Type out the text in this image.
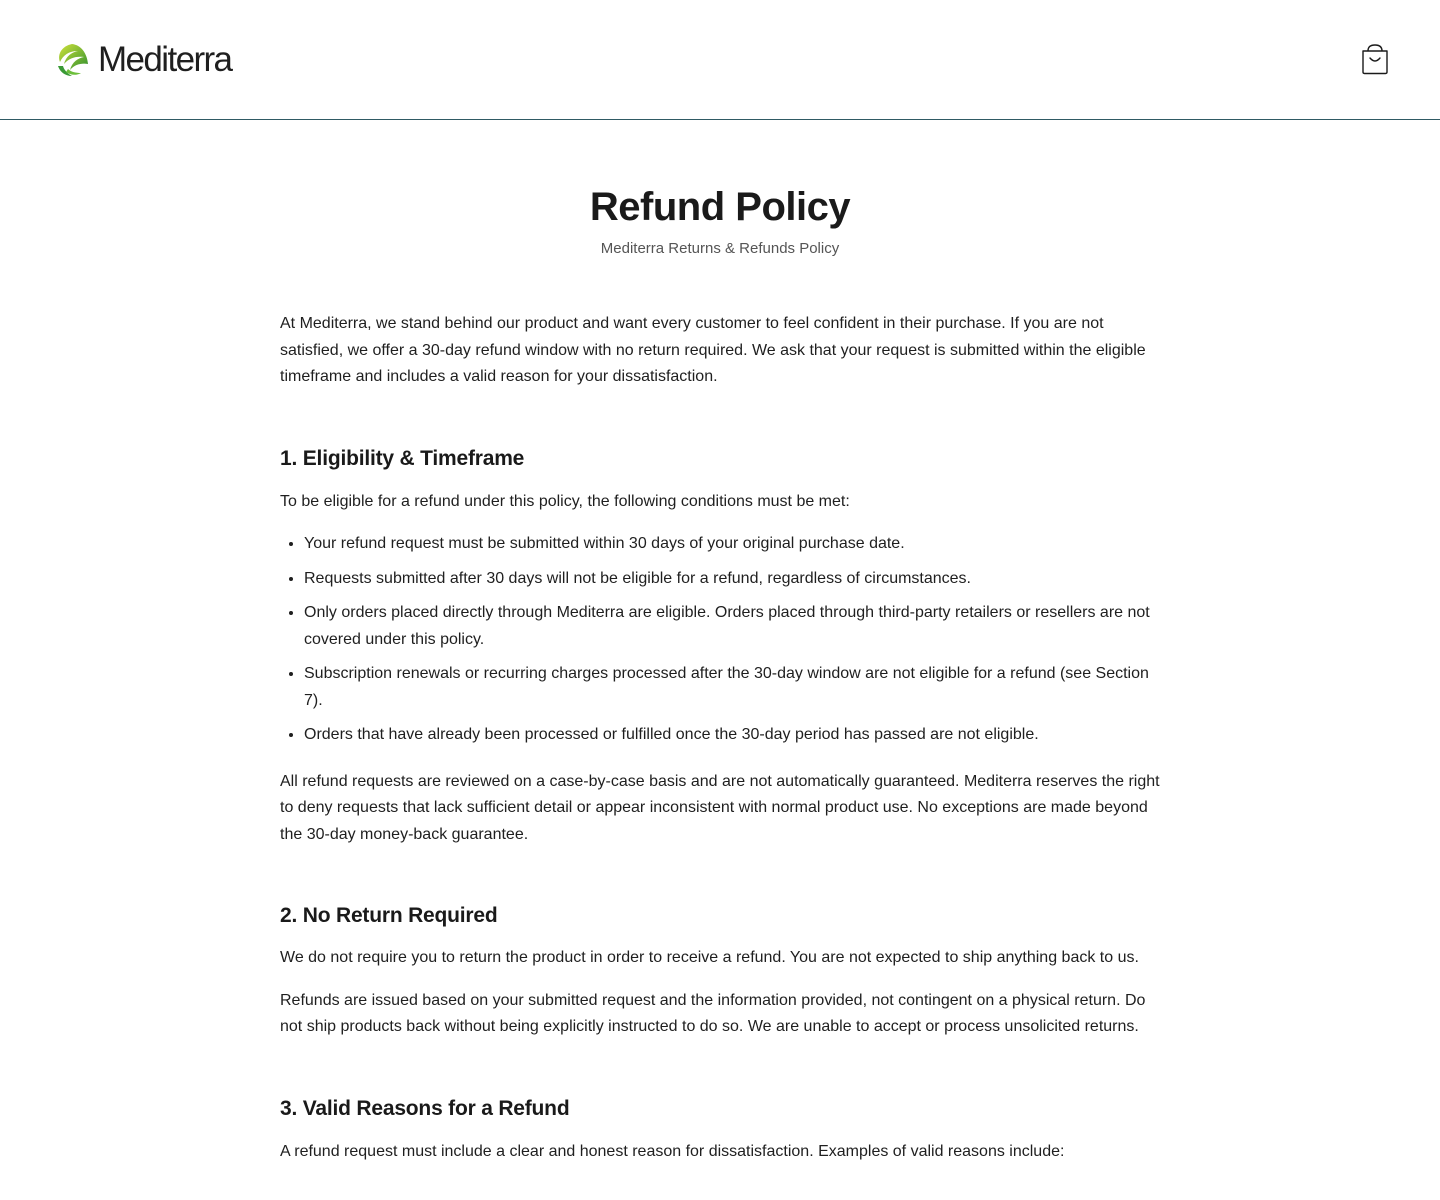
Mediterra
Refund Policy
Mediterra Returns & Refunds Policy

At Mediterra, we stand behind our product and want every customer to feel confident in their purchase. If you are not satisfied, we offer a 30-day refund window with no return required. We ask that your request is submitted within the eligible timeframe and includes a valid reason for your dissatisfaction.

1. Eligibility & Timeframe

To be eligible for a refund under this policy, the following conditions must be met:

• Your refund request must be submitted within 30 days of your original purchase date.
• Requests submitted after 30 days will not be eligible for a refund, regardless of circumstances.
• Only orders placed directly through Mediterra are eligible. Orders placed through third-party retailers or resellers are not covered under this policy.
• Subscription renewals or recurring charges processed after the 30-day window are not eligible for a refund (see Section 7).
• Orders that have already been processed or fulfilled once the 30-day period has passed are not eligible.

All refund requests are reviewed on a case-by-case basis and are not automatically guaranteed. Mediterra reserves the right to deny requests that lack sufficient detail or appear inconsistent with normal product use. No exceptions are made beyond the 30-day money-back guarantee.

2. No Return Required

We do not require you to return the product in order to receive a refund. You are not expected to ship anything back to us.

Refunds are issued based on your submitted request and the information provided, not contingent on a physical return. Do not ship products back without being explicitly instructed to do so. We are unable to accept or process unsolicited returns.

3. Valid Reasons for a Refund

A refund request must include a clear and honest reason for dissatisfaction. Examples of valid reasons include:
